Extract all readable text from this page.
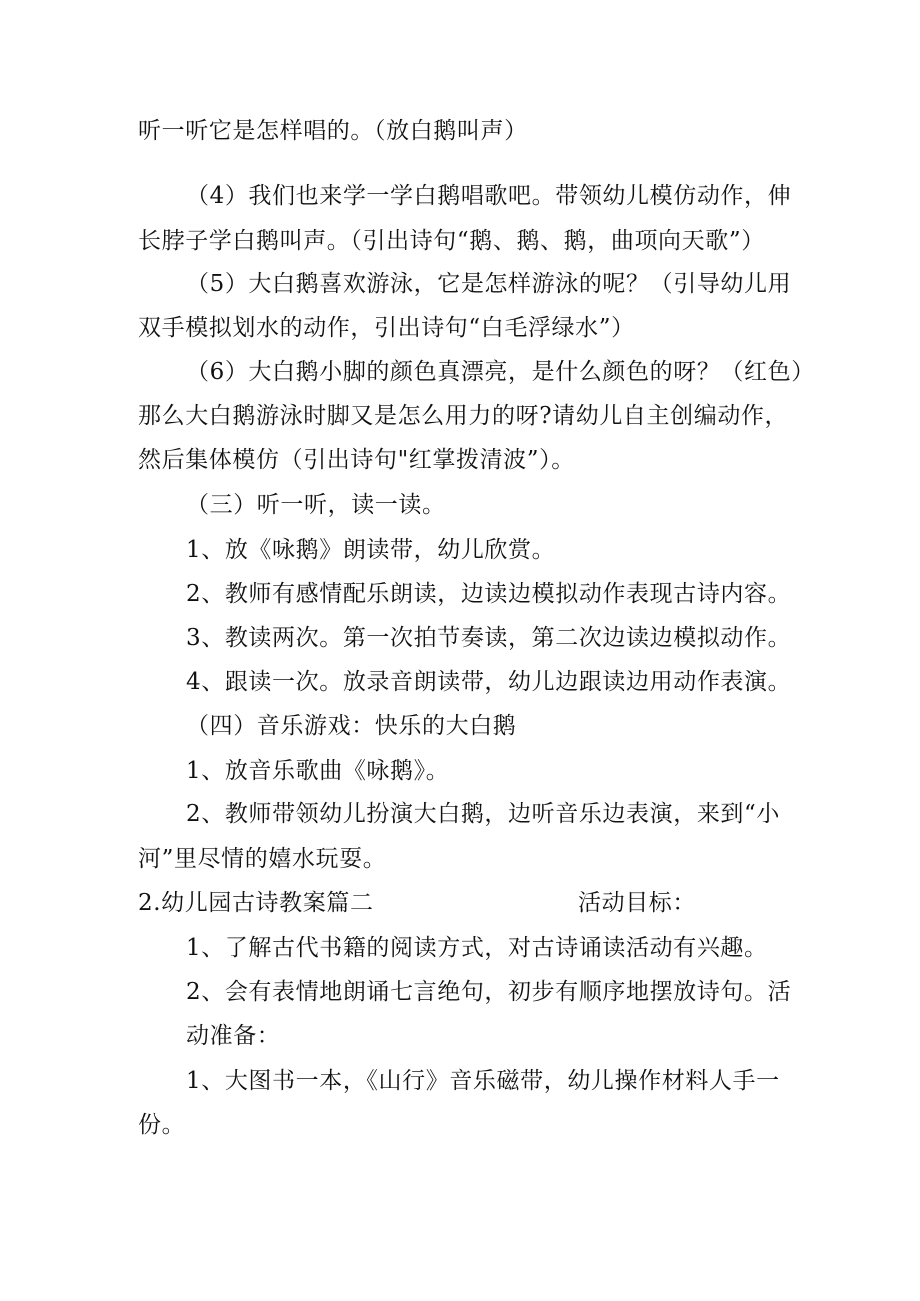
听一听它是怎样唱的。（放白鹅叫声）
（4）我们也来学一学白鹅唱歌吧。带领幼儿模仿动作，伸
长脖子学白鹅叫声。（引出诗句“鹅、鹅、鹅，曲项向天歌”）
（5）大白鹅喜欢游泳，它是怎样游泳的呢？（引导幼儿用
双手模拟划水的动作，引出诗句“白毛浮绿水”）
（6）大白鹅小脚的颜色真漂亮，是什么颜色的呀？（红色）
那么大白鹅游泳时脚又是怎么用力的呀?请幼儿自主创编动作，
然后集体模仿（引出诗句"红掌拨清波”）。
（三）听一听，读一读。
1、放《咏鹅》朗读带，幼儿欣赏。
2、教师有感情配乐朗读，边读边模拟动作表现古诗内容。
3、教读两次。第一次拍节奏读，第二次边读边模拟动作。
4、跟读一次。放录音朗读带，幼儿边跟读边用动作表演。
（四）音乐游戏：快乐的大白鹅
1、放音乐歌曲《咏鹅》。
2、教师带领幼儿扮演大白鹅，边听音乐边表演，来到“小
河”里尽情的嬉水玩耍。
2.幼儿园古诗教案篇二	活动目标：
1、了解古代书籍的阅读方式，对古诗诵读活动有兴趣。
2、会有表情地朗诵七言绝句，初步有顺序地摆放诗句。活
动准备：
1、大图书一本，《山行》音乐磁带，幼儿操作材料人手一
份。
